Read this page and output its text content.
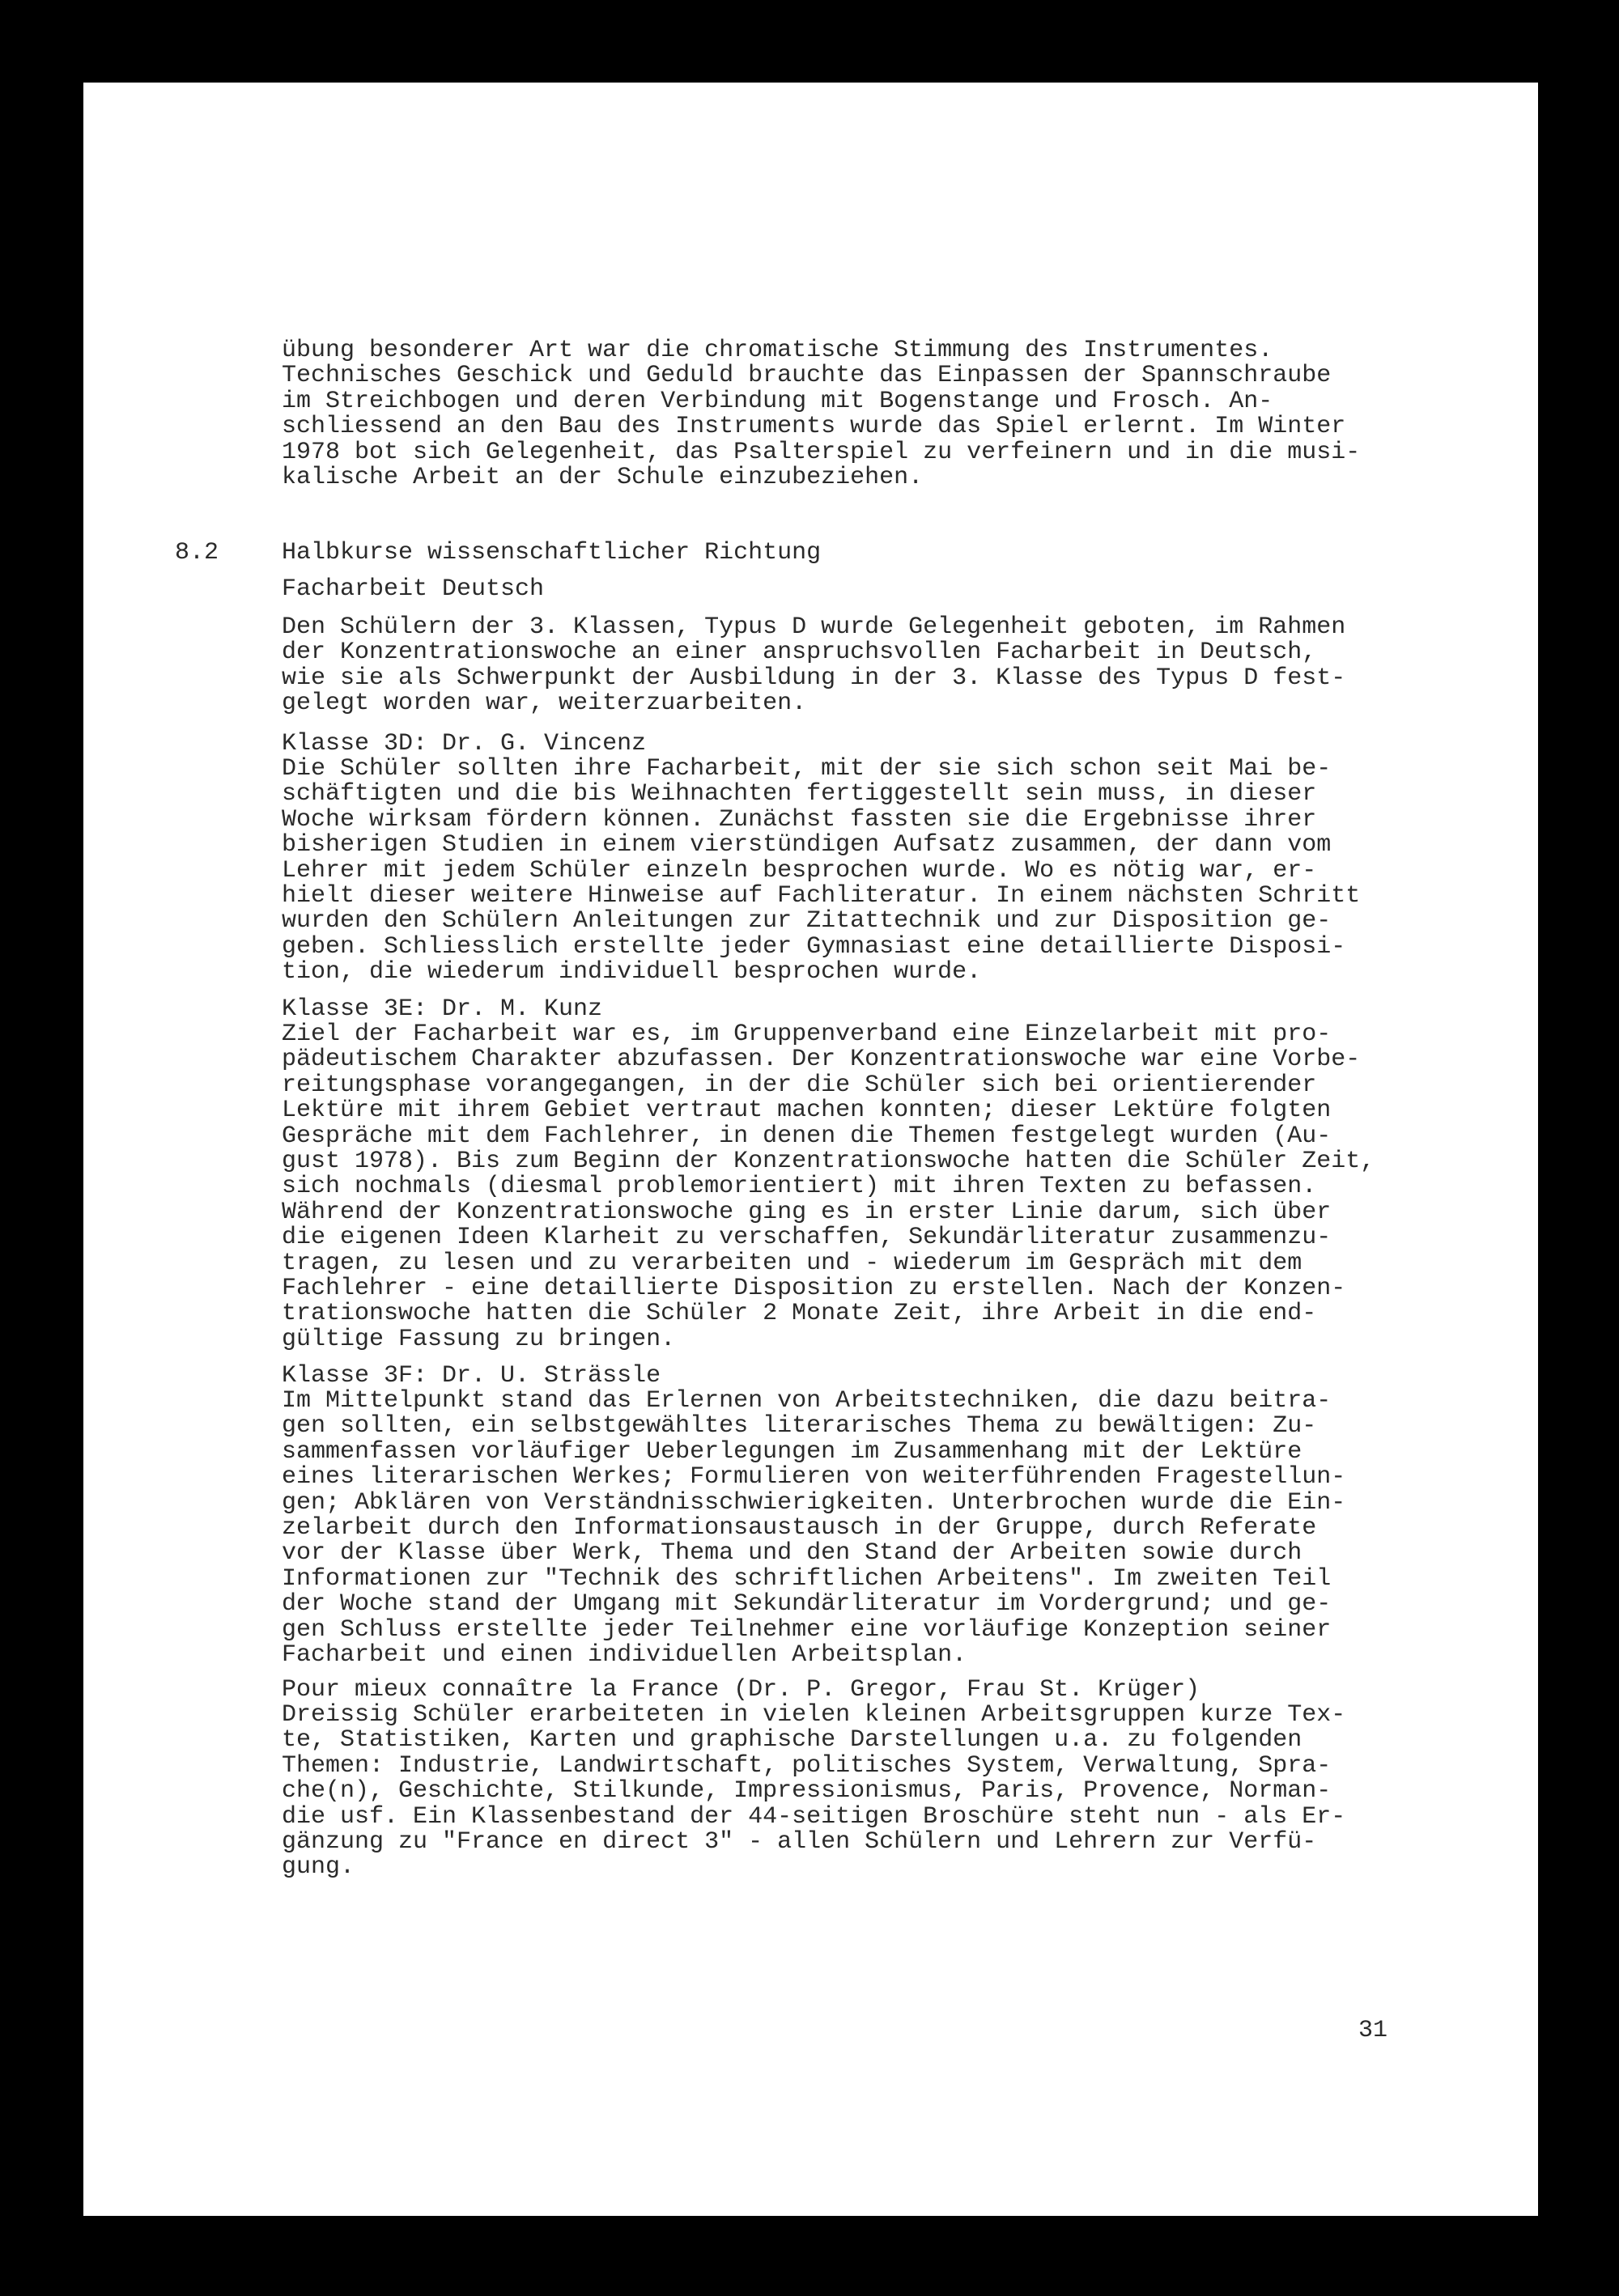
übung besonderer Art war die chromatische Stimmung des Instrumentes.
Technisches Geschick und Geduld brauchte das Einpassen der Spannschraube
im Streichbogen und deren Verbindung mit Bogenstange und Frosch. An-
schliessend an den Bau des Instruments wurde das Spiel erlernt. Im Winter
1978 bot sich Gelegenheit, das Psalterspiel zu verfeinern und in die musi-
kalische Arbeit an der Schule einzubeziehen.
8.2	Halbkurse wissenschaftlicher Richtung
Facharbeit Deutsch
Den Schülern der 3. Klassen, Typus D wurde Gelegenheit geboten, im Rahmen
der Konzentrationswoche an einer anspruchsvollen Facharbeit in Deutsch,
wie sie als Schwerpunkt der Ausbildung in der 3. Klasse des Typus D fest-
gelegt worden war, weiterzuarbeiten.
Klasse 3D: Dr. G. Vincenz
Die Schüler sollten ihre Facharbeit, mit der sie sich schon seit Mai be-
schäftigten und die bis Weihnachten fertiggestellt sein muss, in dieser
Woche wirksam fördern können. Zunächst fassten sie die Ergebnisse ihrer
bisherigen Studien in einem vierstündigen Aufsatz zusammen, der dann vom
Lehrer mit jedem Schüler einzeln besprochen wurde. Wo es nötig war, er-
hielt dieser weitere Hinweise auf Fachliteratur. In einem nächsten Schritt
wurden den Schülern Anleitungen zur Zitattechnik und zur Disposition ge-
geben. Schliesslich erstellte jeder Gymnasiast eine detaillierte Disposi-
tion, die wiederum individuell besprochen wurde.
Klasse 3E: Dr. M. Kunz
Ziel der Facharbeit war es, im Gruppenverband eine Einzelarbeit mit pro-
pädeutischem Charakter abzufassen. Der Konzentrationswoche war eine Vorbe-
reitungsphase vorangegangen, in der die Schüler sich bei orientierender
Lektüre mit ihrem Gebiet vertraut machen konnten; dieser Lektüre folgten
Gespräche mit dem Fachlehrer, in denen die Themen festgelegt wurden (Au-
gust 1978). Bis zum Beginn der Konzentrationswoche hatten die Schüler Zeit,
sich nochmals (diesmal problemorientiert) mit ihren Texten zu befassen.
Während der Konzentrationswoche ging es in erster Linie darum, sich über
die eigenen Ideen Klarheit zu verschaffen, Sekundärliteratur zusammenzu-
tragen, zu lesen und zu verarbeiten und - wiederum im Gespräch mit dem
Fachlehrer - eine detaillierte Disposition zu erstellen. Nach der Konzen-
trationswoche hatten die Schüler 2 Monate Zeit, ihre Arbeit in die end-
gültige Fassung zu bringen.
Klasse 3F: Dr. U. Strässle
Im Mittelpunkt stand das Erlernen von Arbeitstechniken, die dazu beitra-
gen sollten, ein selbstgewähltes literarisches Thema zu bewältigen: Zu-
sammenfassen vorläufiger Ueberlegungen im Zusammenhang mit der Lektüre
eines literarischen Werkes; Formulieren von weiterführenden Fragestellun-
gen; Abklären von Verständnisschwierigkeiten. Unterbrochen wurde die Ein-
zelarbeit durch den Informationsaustausch in der Gruppe, durch Referate
vor der Klasse über Werk, Thema und den Stand der Arbeiten sowie durch
Informationen zur "Technik des schriftlichen Arbeitens". Im zweiten Teil
der Woche stand der Umgang mit Sekundärliteratur im Vordergrund; und ge-
gen Schluss erstellte jeder Teilnehmer eine vorläufige Konzeption seiner
Facharbeit und einen individuellen Arbeitsplan.
Pour mieux connaître la France (Dr. P. Gregor, Frau St. Krüger)
Dreissig Schüler erarbeiteten in vielen kleinen Arbeitsgruppen kurze Tex-
te, Statistiken, Karten und graphische Darstellungen u.a. zu folgenden
Themen: Industrie, Landwirtschaft, politisches System, Verwaltung, Spra-
che(n), Geschichte, Stilkunde, Impressionismus, Paris, Provence, Norman-
die usf. Ein Klassenbestand der 44-seitigen Broschüre steht nun - als Er-
gänzung zu "France en direct 3" - allen Schülern und Lehrern zur Verfü-
gung.
31
